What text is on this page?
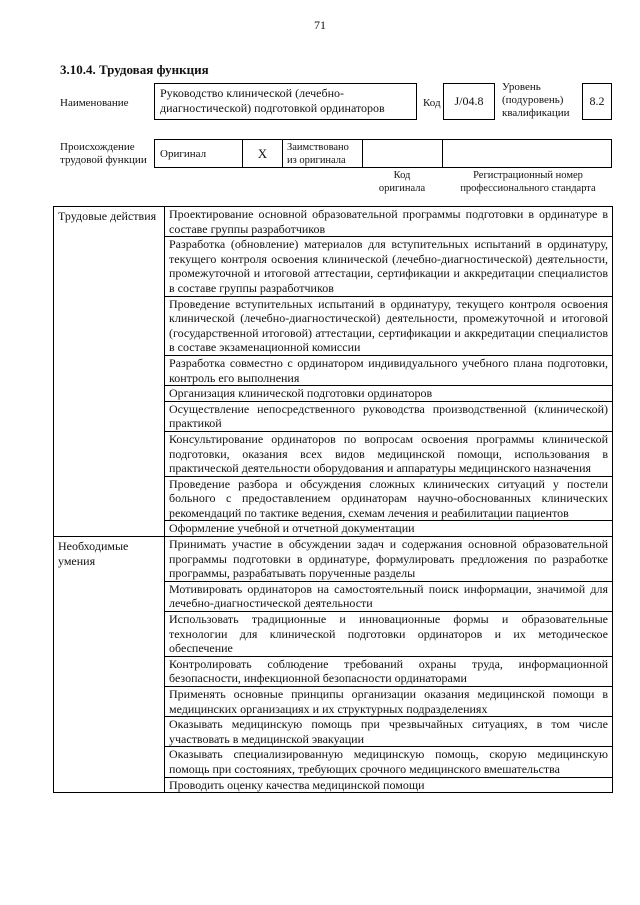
71
3.10.4. Трудовая функция
Наименование
Руководство клинической (лечебно-диагностической) подготовкой ординаторов	Код	J/04.8
Уровень (подуровень) квалификации
8.2
Происхождение трудовой функции	Оригинал	X	Заимствовано из оригинала
Код оригинала
Регистрационный номер профессионального стандарта
Трудовые действия	Проектирование основной образовательной программы подготовки в ординатуре в составе группы разработчиков
	Разработка (обновление) материалов для вступительных испытаний в ординатуру, текущего контроля освоения клинической (лечебно-диагностической) деятельности, промежуточной и итоговой аттестации, сертификации и аккредитации специалистов в составе группы разработчиков
	Проведение вступительных испытаний в ординатуру, текущего контроля освоения клинической (лечебно-диагностической) деятельности, промежуточной и итоговой (государственной итоговой) аттестации, сертификации и аккредитации специалистов в составе экзаменационной комиссии
	Разработка совместно с ординатором индивидуального учебного плана подготовки, контроль его выполнения
	Организация клинической подготовки ординаторов
	Осуществление непосредственного руководства производственной (клинической) практикой
	Консультирование ординаторов по вопросам освоения программы клинической подготовки, оказания всех видов медицинской помощи, использования в практической деятельности оборудования и аппаратуры медицинского назначения
	Проведение разбора и обсуждения сложных клинических ситуаций у постели больного с предоставлением ординаторам научно-обоснованных клинических рекомендаций по тактике ведения, схемам лечения и реабилитации пациентов
	Оформление учебной и отчетной документации
Необходимые умения	Принимать участие в обсуждении задач и содержания основной образовательной программы подготовки в ординатуре, формулировать предложения по разработке программы, разрабатывать порученные разделы
	Мотивировать ординаторов на самостоятельный поиск информации, значимой для лечебно-диагностической деятельности
	Использовать традиционные и инновационные формы и образовательные технологии для клинической подготовки ординаторов и их методическое обеспечение
	Контролировать соблюдение требований охраны труда, информационной безопасности, инфекционной безопасности ординаторами
	Применять основные принципы организации оказания медицинской помощи в медицинских организациях и их структурных подразделениях
	Оказывать медицинскую помощь при чрезвычайных ситуациях, в том числе участвовать в медицинской эвакуации
	Оказывать специализированную медицинскую помощь, скорую медицинскую помощь при состояниях, требующих срочного медицинского вмешательства
	Проводить оценку качества медицинской помощи
